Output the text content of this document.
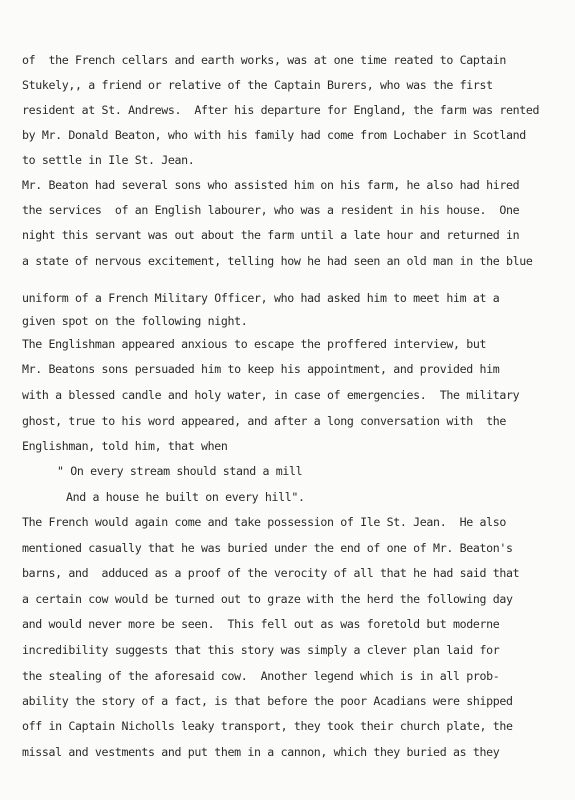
of  the French cellars and earth works, was at one time reated to Captain
Stukely,, a friend or relative of the Captain Burers, who was the first
resident at St. Andrews.  After his departure for England, the farm was rented
by Mr. Donald Beaton, who with his family had come from Lochaber in Scotland
to settle in Ile St. Jean.
Mr. Beaton had several sons who assisted him on his farm, he also had hired
the services  of an English labourer, who was a resident in his house.  One
night this servant was out about the farm until a late hour and returned in
a state of nervous excitement, telling how he had seen an old man in the blue
uniform of a French Military Officer, who had asked him to meet him at a
given spot on the following night.
The Englishman appeared anxious to escape the proffered interview, but
Mr. Beatons sons persuaded him to keep his appointment, and provided him
with a blessed candle and holy water, in case of emergencies.  The military
ghost, true to his word appeared, and after a long conversation with  the
Englishman, told him, that when
" On every stream should stand a mill
And a house he built on every hill".
The French would again come and take possession of Ile St. Jean.  He also
mentioned casually that he was buried under the end of one of Mr. Beaton's
barns, and  adduced as a proof of the verocity of all that he had said that
a certain cow would be turned out to graze with the herd the following day
and would never more be seen.  This fell out as was foretold but moderne
incredibility suggests that this story was simply a clever plan laid for
the stealing of the aforesaid cow.  Another legend which is in all prob-
ability the story of a fact, is that before the poor Acadians were shipped
off in Captain Nicholls leaky transport, they took their church plate, the
missal and vestments and put them in a cannon, which they buried as they
